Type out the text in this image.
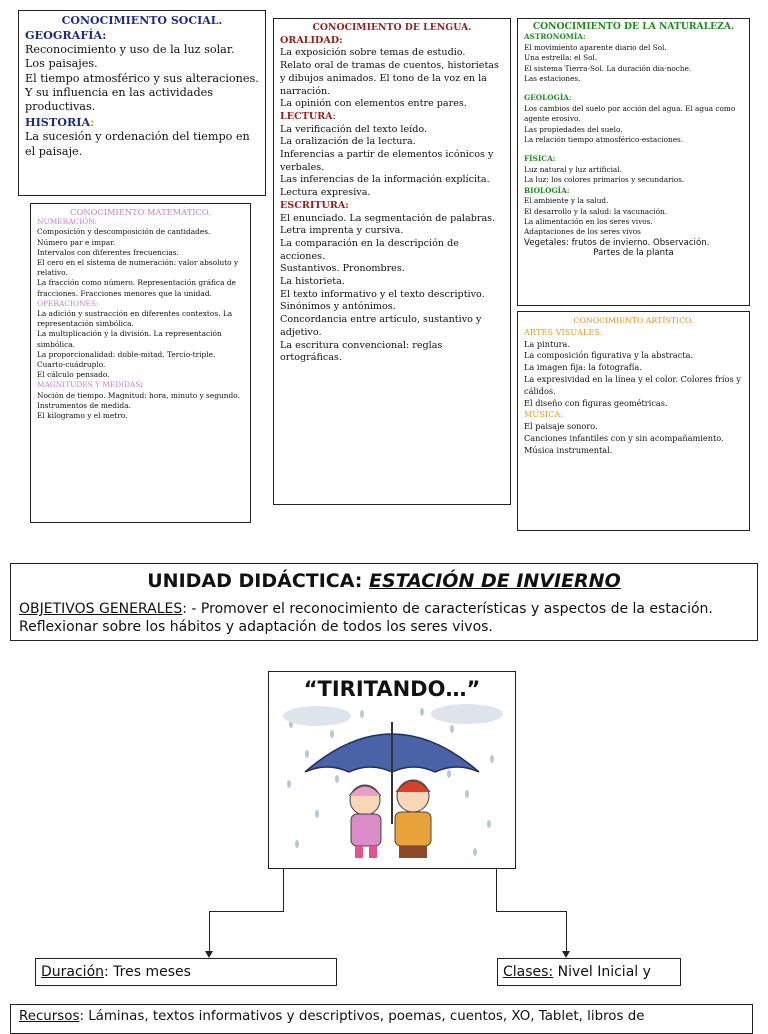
CONOCIMIENTO SOCIAL.
GEOGRAFÍA:
Reconocimiento y uso de la luz solar.
Los paisajes.
El tiempo atmosférico y sus alteraciones. Y su influencia en las actividades productivas.
HISTORIA:
La sucesión y ordenación del tiempo en el paisaje.
CONOCIMIENTO MATEMÁTICO.
NUMERACIÓN:
Composición y descomposición de cantidades.
Número par e impar.
Intervalos con diferentes frecuencias.
El cero en el sistema de numeración: valor absoluto y relativo.
La fracción como número. Representación gráfica de fracciones. Fracciones menores que la unidad.
OPERACIONES:
La adición y sustracción en diferentes contextos. La representación simbólica.
La multiplicación y la división. La representación simbólica.
La proporcionalidad: doble-mitad. Tercio-triple. Cuarto-cuádruplo.
El cálculo pensado.
MAGNITUDES Y MEDIDAS:
Noción de tiempo. Magnitud: hora, minuto y segundo.
Instrumentos de medida.
El kilogramo y el metro.
CONOCIMIENTO DE LENGUA.
ORALIDAD:
La exposición sobre temas de estudio.
Relato oral de tramas de cuentos, historietas y dibujos animados. El tono de la voz en la narración.
La opinión con elementos entre pares.
LECTURA:
La verificación del texto leído.
La oralización de la lectura.
Inferencias a partir de elementos icónicos y verbales.
Las inferencias de la información explícita.
Lectura expresiva.
ESCRITURA:
El enunciado. La segmentación de palabras.
Letra imprenta y cursiva.
La comparación en la descripción de acciones.
Sustantivos. Pronombres.
La historieta.
El texto informativo y el texto descriptivo.
Sinónimos y antónimos.
Concordancia entre artículo, sustantivo y adjetivo.
La escritura convencional: reglas ortográficas.
CONOCIMIENTO DE LA NATURALEZA.
ASTRONOMÍA:
El movimiento aparente diario del Sol.
Una estrella: el Sol.
El sistema Tierra-Sol. La duración día-noche.
Las estaciones.
GEOLOGÍA:
Los cambios del suelo por acción del agua. El agua como agente erosivo.
Las propiedades del suelo.
La relación tiempo atmosférico-estaciones.
FÍSICA:
Luz natural y luz artificial.
La luz: los colores primarios y secundarios.
BIOLOGÍA:
El ambiente y la salud.
El desarrollo y la salud: la vacunación.
La alimentación en los seres vivos.
Adaptaciones de los seres vivos
Vegetales: frutos de invierno. Observación.
Partes de la planta
CONOCIMIENTO ARTÍSTICO.
ARTES VISUALES:
La pintura.
La composición figurativa y la abstracta.
La imagen fija: la fotografía.
La expresividad en la línea y el color. Colores fríos y cálidos.
El diseño con figuras geométricas.
MÚSICA:
El paisaje sonoro.
Canciones infantiles con y sin acompañamiento.
Música instrumental.
UNIDAD DIDÁCTICA: ESTACIÓN DE INVIERNO
OBJETIVOS GENERALES: - Promover el reconocimiento de características y aspectos de la estación. Reflexionar sobre los hábitos y adaptación de todos los seres vivos.
“TIRITANDO…”
Duración: Tres meses	Clases: Nivel Inicial y
Recursos: Láminas, textos informativos y descriptivos, poemas, cuentos, XO, Tablet, libros de
